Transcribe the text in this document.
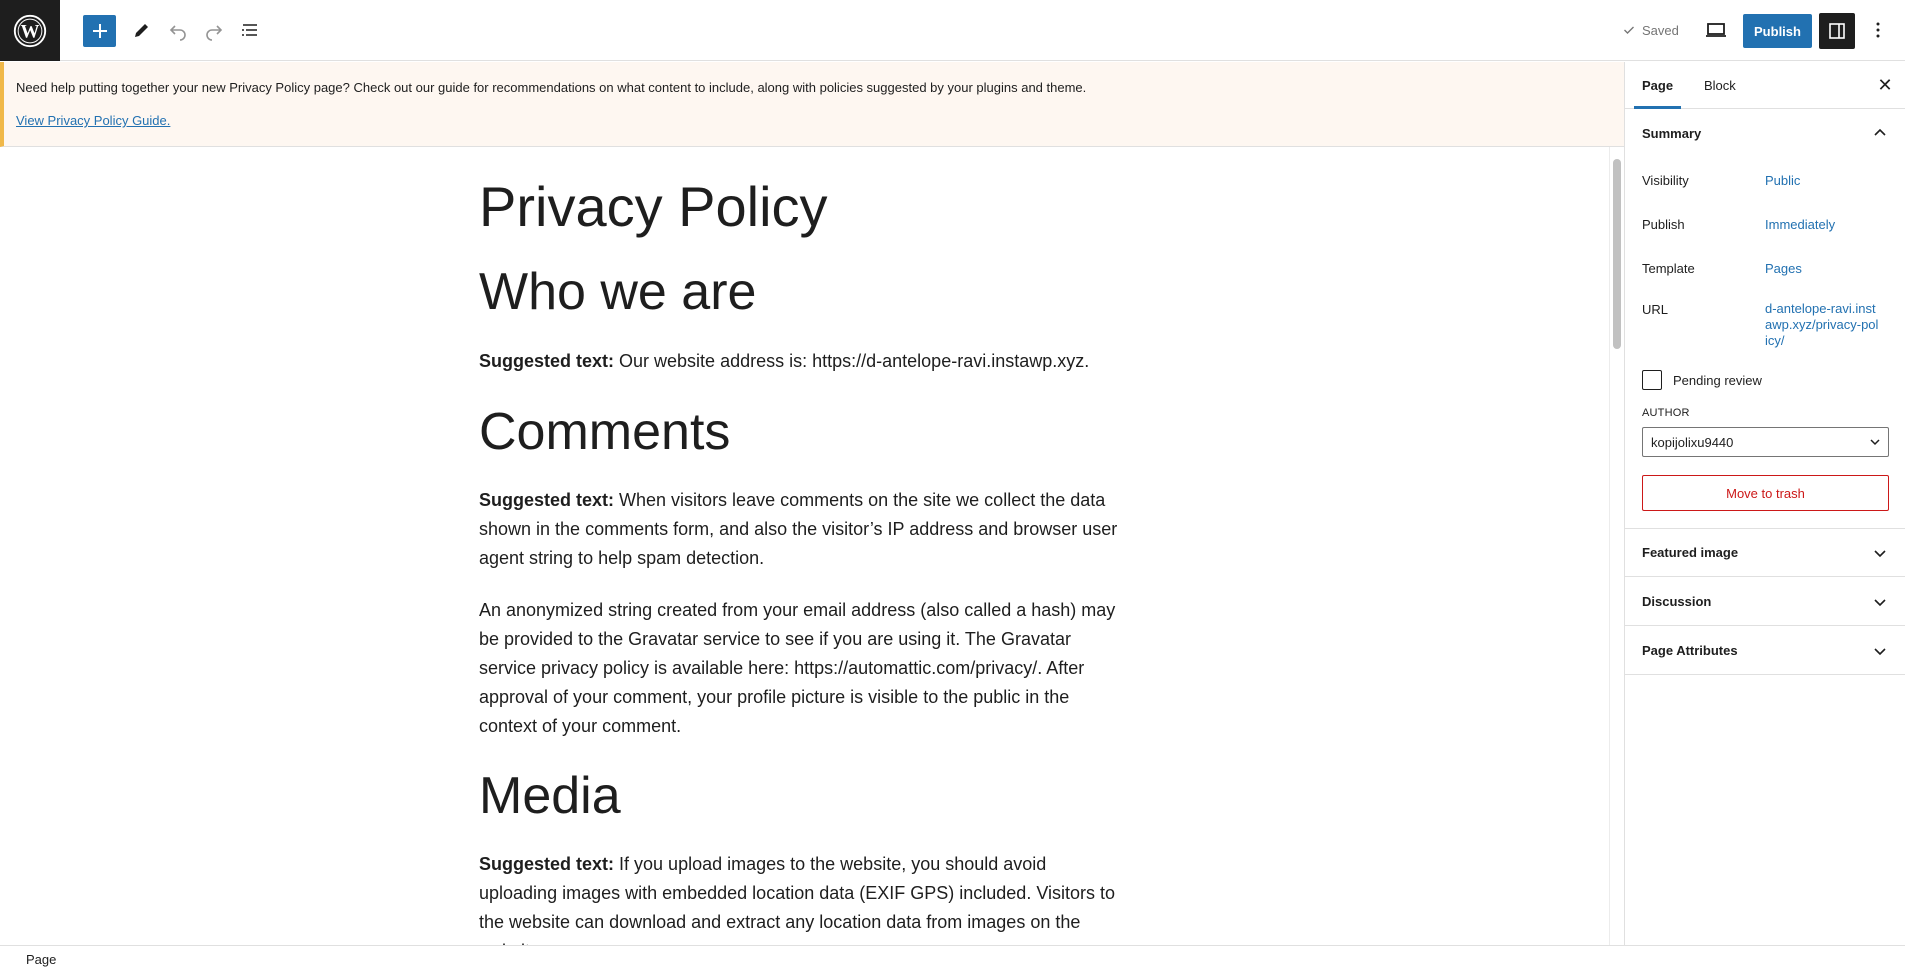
W	Saved	Publish
Need help putting together your new Privacy Policy page? Check out our guide for recommendations on what content to include, along with policies suggested by your plugins and theme.
View Privacy Policy Guide.
Privacy Policy
Who we are

Suggested text: Our website address is: https://d-antelope-ravi.instawp.xyz.

Comments

Suggested text: When visitors leave comments on the site we collect the data shown in the comments form, and also the visitor’s IP address and browser user agent string to help spam detection.

An anonymized string created from your email address (also called a hash) may be provided to the Gravatar service to see if you are using it. The Gravatar service privacy policy is available here: https://automattic.com/privacy/. After approval of your comment, your profile picture is visible to the public in the context of your comment.

Media

Suggested text: If you upload images to the website, you should avoid uploading images with embedded location data (EXIF GPS) included. Visitors to the website can download and extract any location data from images on the

Page Block	✕
Summary
Visibility	Public
Publish	Immediately
Template	Pages
URL	d-antelope-ravi.instawp.xyz/privacy-policy/
Pending review
AUTHOR
kopijolixu9440
Move to trash
Featured image
Discussion
Page Attributes
Page
